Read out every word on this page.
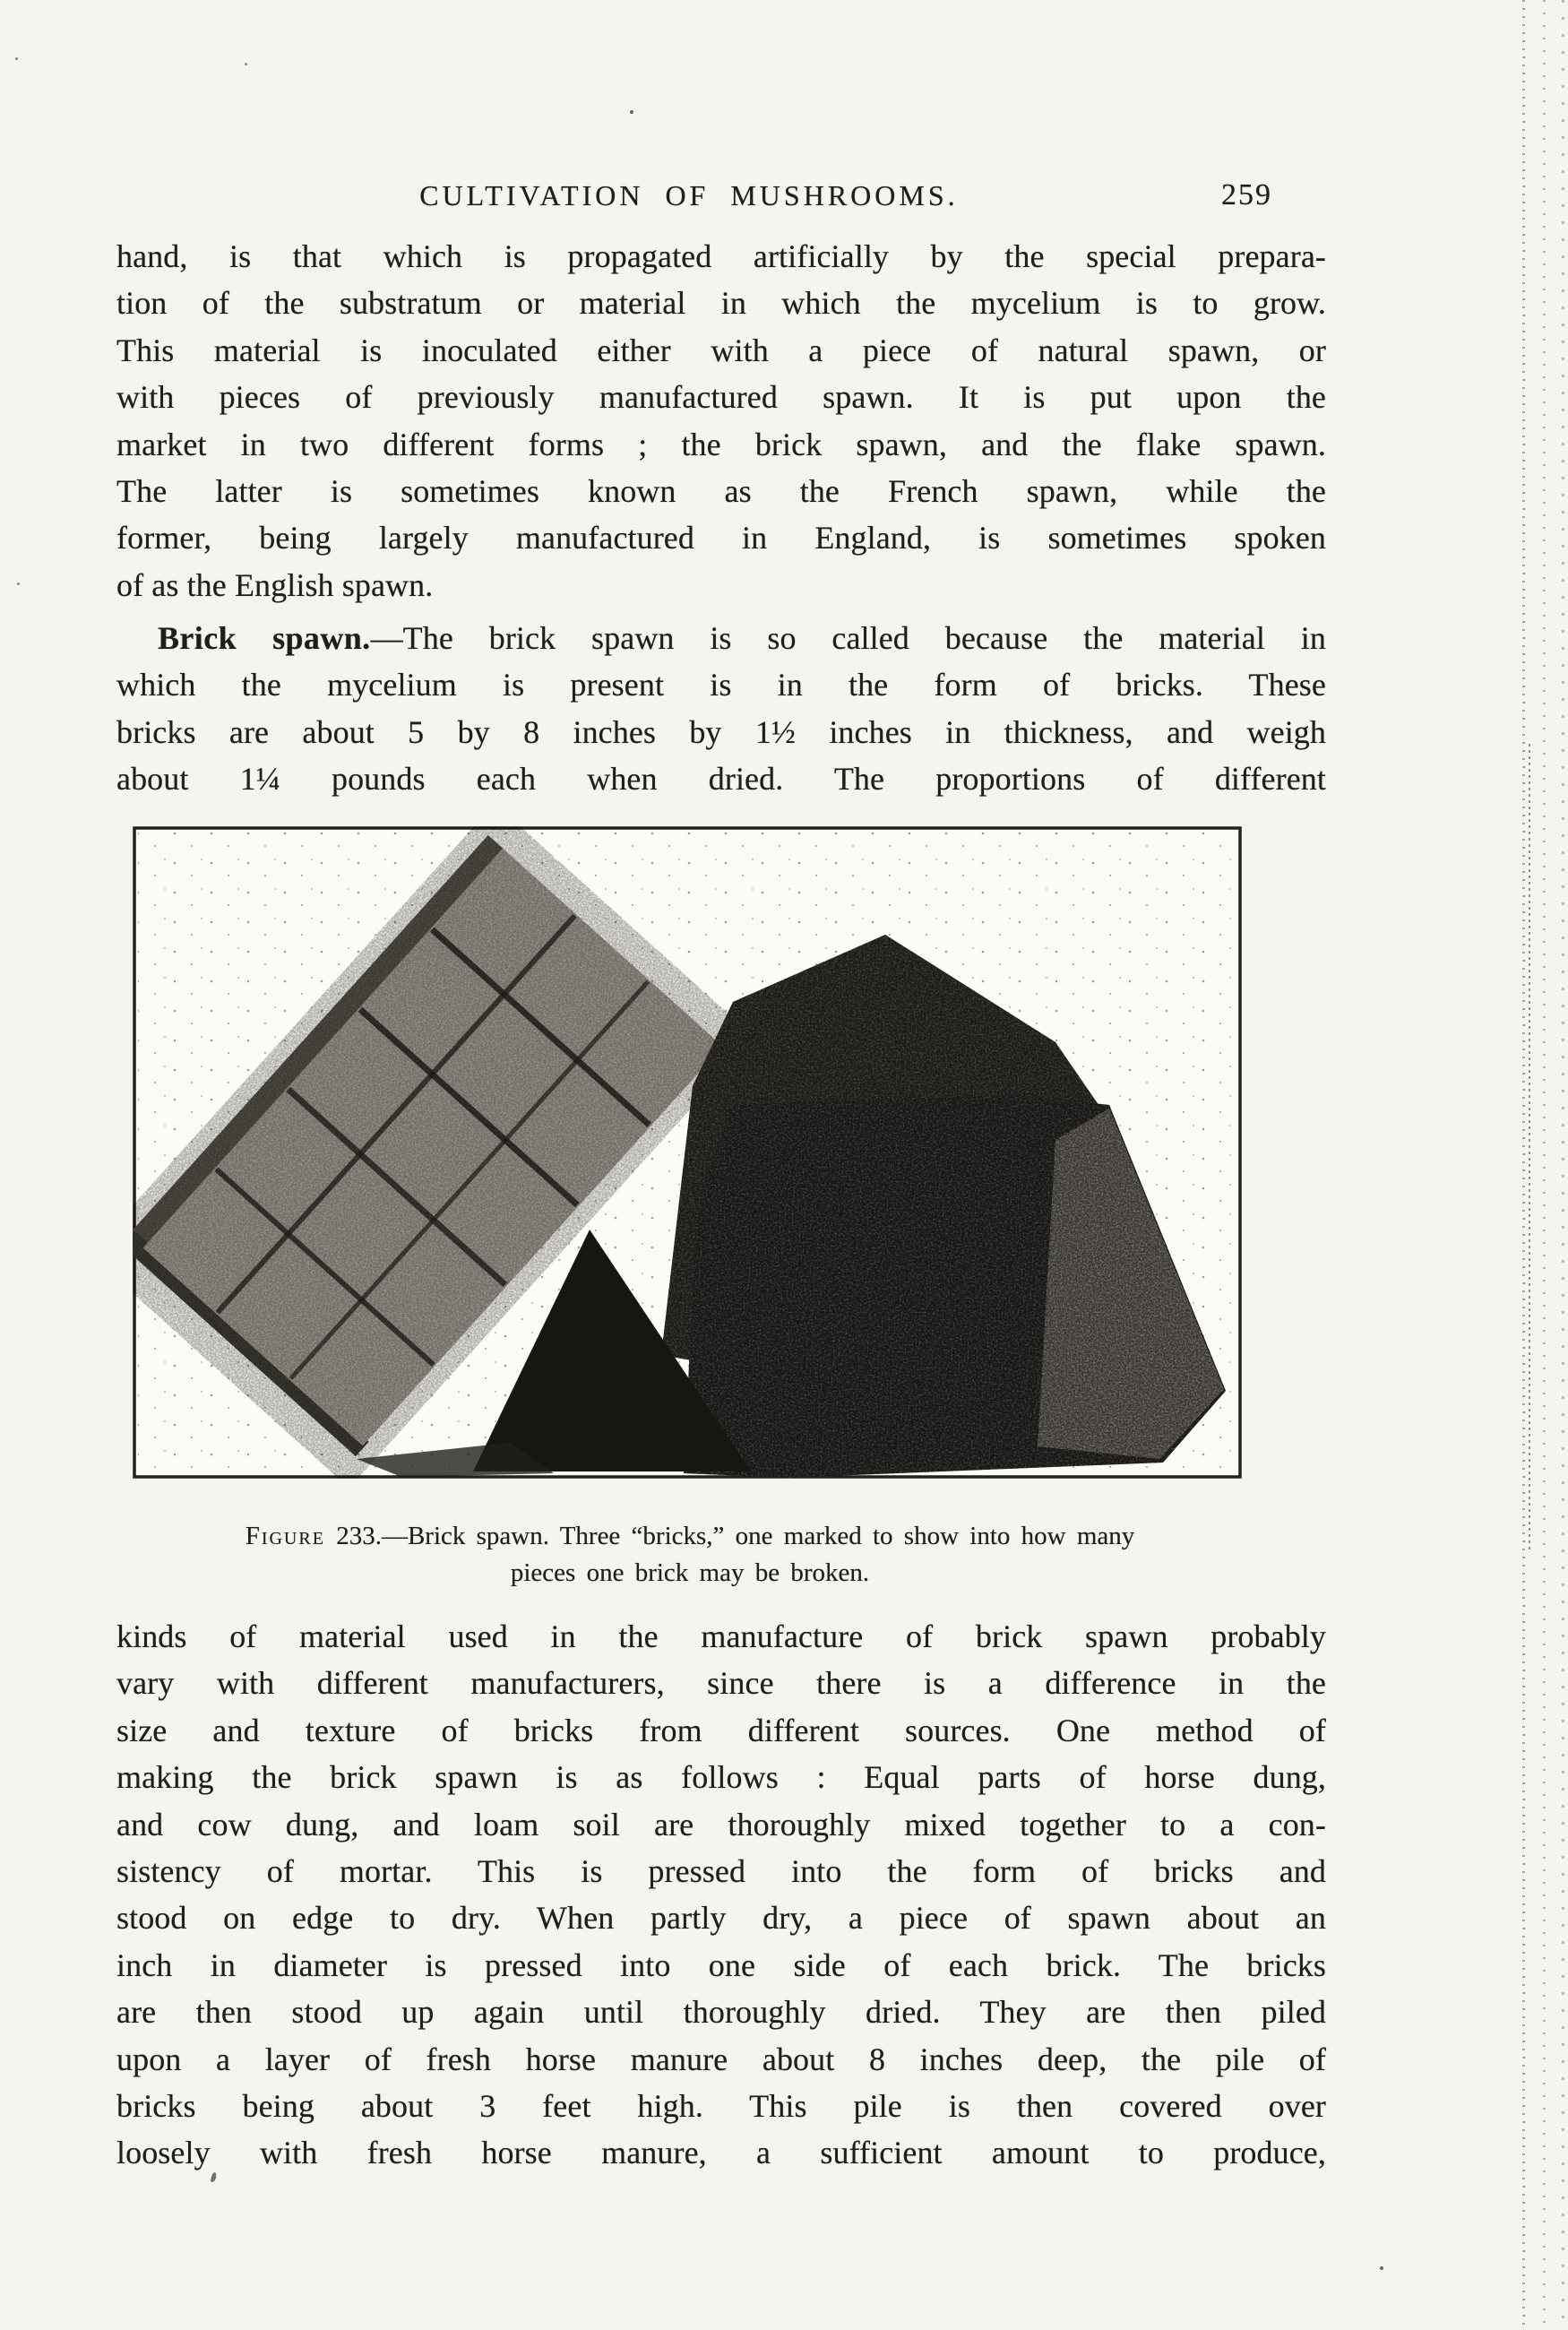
CULTIVATION OF MUSHROOMS.	259
hand, is that which is propagated artificially by the special prepara-
tion of the substratum or material in which the mycelium is to grow.
This material is inoculated either with a piece of natural spawn, or
with pieces of previously manufactured spawn. It is put upon the
market in two different forms ; the brick spawn, and the flake spawn.
The latter is sometimes known as the French spawn, while the
former, being largely manufactured in England, is sometimes spoken
of as the English spawn.
Brick spawn.—The brick spawn is so called because the material in
which the mycelium is present is in the form of bricks. These
bricks are about 5 by 8 inches by 1½ inches in thickness, and weigh
about 1¼ pounds each when dried. The proportions of different
Figure 233.—Brick spawn. Three “bricks,” one marked to show into how many
pieces one brick may be broken.
kinds of material used in the manufacture of brick spawn probably
vary with different manufacturers, since there is a difference in the
size and texture of bricks from different sources. One method of
making the brick spawn is as follows : Equal parts of horse dung,
and cow dung, and loam soil are thoroughly mixed together to a con-
sistency of mortar. This is pressed into the form of bricks and
stood on edge to dry. When partly dry, a piece of spawn about an
inch in diameter is pressed into one side of each brick. The bricks
are then stood up again until thoroughly dried. They are then piled
upon a layer of fresh horse manure about 8 inches deep, the pile of
bricks being about 3 feet high. This pile is then covered over
loosely with fresh horse manure, a sufficient amount to produce,
